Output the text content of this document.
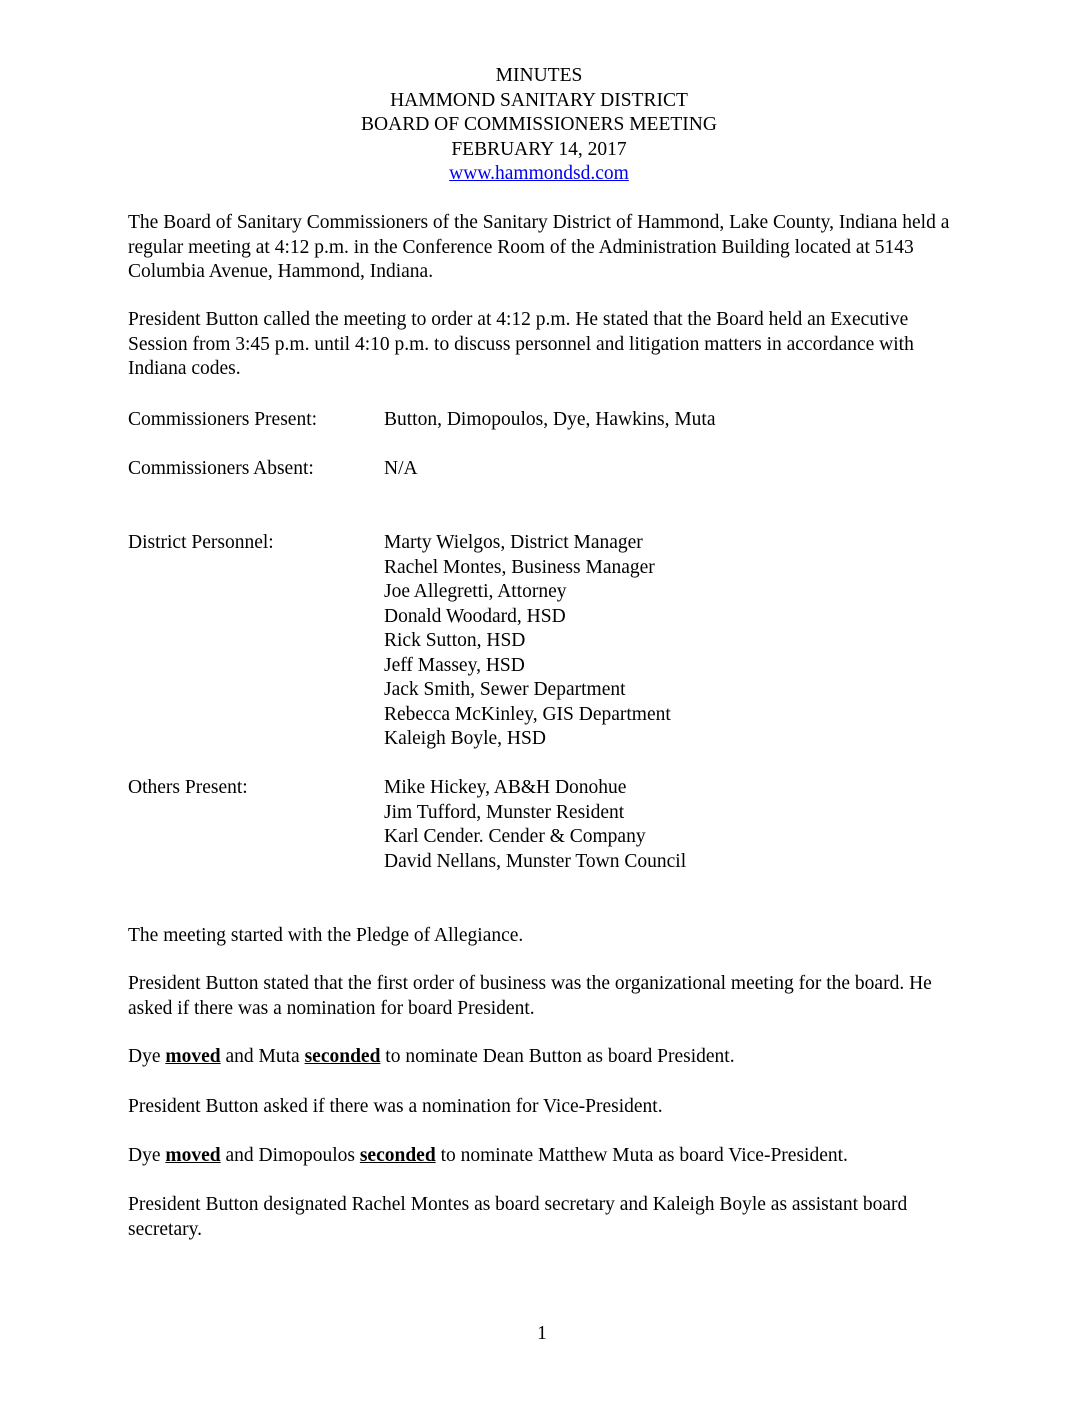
MINUTES
HAMMOND SANITARY DISTRICT
BOARD OF COMMISSIONERS MEETING
FEBRUARY 14, 2017
www.hammondsd.com

The Board of Sanitary Commissioners of the Sanitary District of Hammond, Lake County, Indiana held a regular meeting at 4:12 p.m. in the Conference Room of the Administration Building located at 5143 Columbia Avenue, Hammond, Indiana.

President Button called the meeting to order at 4:12 p.m. He stated that the Board held an Executive Session from 3:45 p.m. until 4:10 p.m. to discuss personnel and litigation matters in accordance with Indiana codes.

Commissioners Present:	Button, Dimopoulos, Dye, Hawkins, Muta
Commissioners Absent:	N/A
District Personnel:	Marty Wielgos, District Manager
Rachel Montes, Business Manager
Joe Allegretti, Attorney
Donald Woodard, HSD
Rick Sutton, HSD
Jeff Massey, HSD
Jack Smith, Sewer Department
Rebecca McKinley, GIS Department
Kaleigh Boyle, HSD
Others Present:	Mike Hickey, AB&H Donohue
Jim Tufford, Munster Resident
Karl Cender. Cender & Company
David Nellans, Munster Town Council

The meeting started with the Pledge of Allegiance.

President Button stated that the first order of business was the organizational meeting for the board. He asked if there was a nomination for board President.

Dye moved and Muta seconded to nominate Dean Button as board President.

President Button asked if there was a nomination for Vice-President.

Dye moved and Dimopoulos seconded to nominate Matthew Muta as board Vice-President.

President Button designated Rachel Montes as board secretary and Kaleigh Boyle as assistant board secretary.

1
